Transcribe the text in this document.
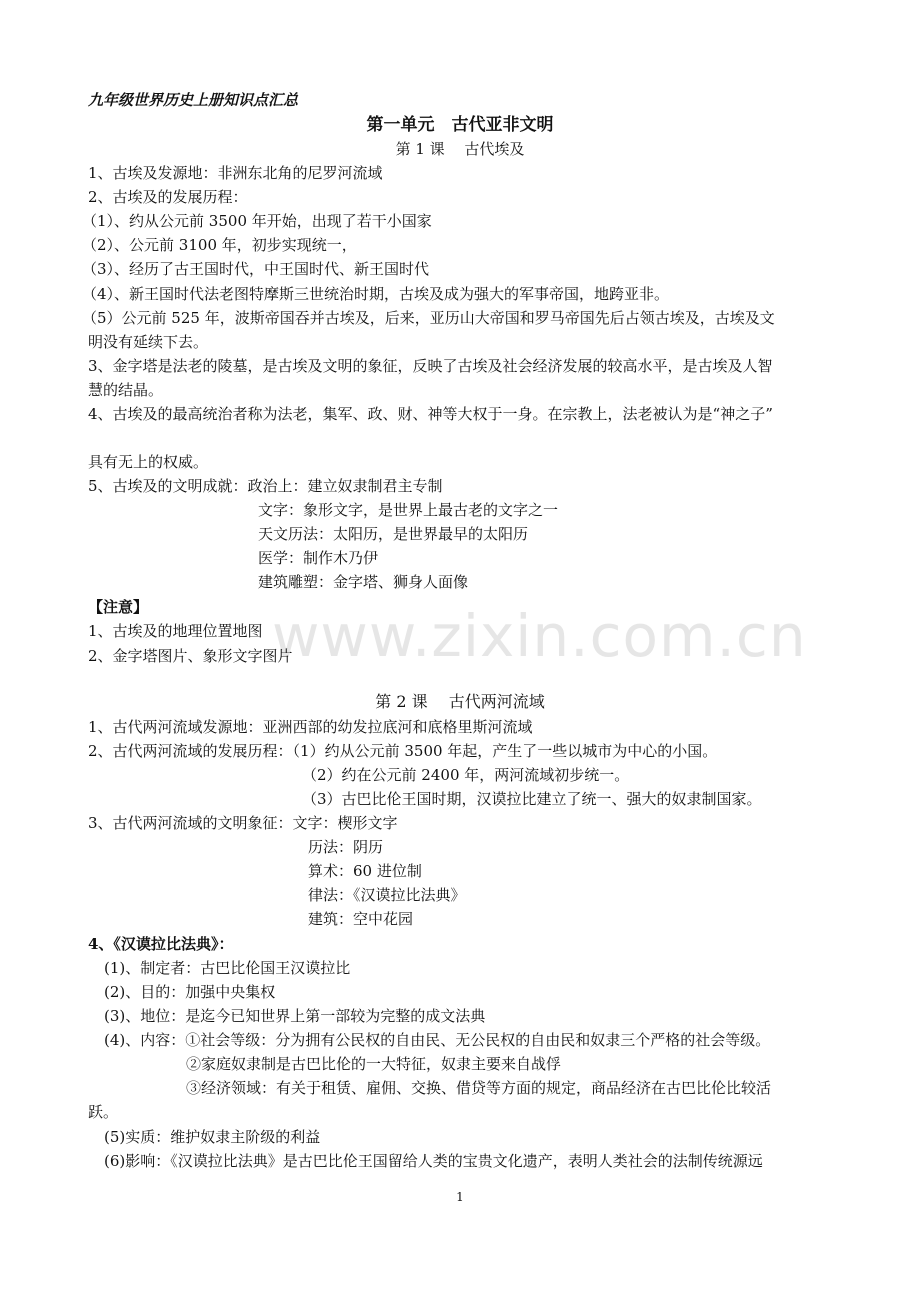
www.zixin.com.cn
九年级世界历史上册知识点汇总
第一单元　古代亚非文明
第 1 课　 古代埃及
1、古埃及发源地：非洲东北角的尼罗河流域
2、古埃及的发展历程：
（1）、约从公元前 3500 年开始，出现了若干小国家
（2）、公元前 3100 年，初步实现统一，
（3）、经历了古王国时代，中王国时代、新王国时代
（4）、新王国时代法老图特摩斯三世统治时期，古埃及成为强大的军事帝国，地跨亚非。
（5）公元前 525 年，波斯帝国吞并古埃及，后来，亚历山大帝国和罗马帝国先后占领古埃及，古埃及文
明没有延续下去。
3、金字塔是法老的陵墓，是古埃及文明的象征，反映了古埃及社会经济发展的较高水平，是古埃及人智
慧的结晶。
4、古埃及的最高统治者称为法老，集军、政、财、神等大权于一身。在宗教上，法老被认为是“神之子”
具有无上的权威。
5、古埃及的文明成就：政治上：建立奴隶制君主专制
文字：象形文字，是世界上最古老的文字之一
天文历法：太阳历，是世界最早的太阳历
医学：制作木乃伊
建筑雕塑：金字塔、狮身人面像
【注意】
1、古埃及的地理位置地图
2、金字塔图片、象形文字图片
第 2 课　 古代两河流域
1、古代两河流域发源地：亚洲西部的幼发拉底河和底格里斯河流域
2、古代两河流域的发展历程：（1）约从公元前 3500 年起，产生了一些以城市为中心的小国。
（2）约在公元前 2400 年，两河流域初步统一。
（3）古巴比伦王国时期，汉谟拉比建立了统一、强大的奴隶制国家。
3、古代两河流域的文明象征：文字：楔形文字
历法：阴历
算术：60 进位制
律法：《汉谟拉比法典》
建筑：空中花园
4、《汉谟拉比法典》：
(1)、制定者：古巴比伦国王汉谟拉比
(2)、目的：加强中央集权
(3)、地位：是迄今已知世界上第一部较为完整的成文法典
(4)、内容：①社会等级：分为拥有公民权的自由民、无公民权的自由民和奴隶三个严格的社会等级。
②家庭奴隶制是古巴比伦的一大特征，奴隶主要来自战俘
③经济领域：有关于租赁、雇佣、交换、借贷等方面的规定，商品经济在古巴比伦比较活
跃。
(5)实质：维护奴隶主阶级的利益
(6)影响：《汉谟拉比法典》是古巴比伦王国留给人类的宝贵文化遗产，表明人类社会的法制传统源远
1
